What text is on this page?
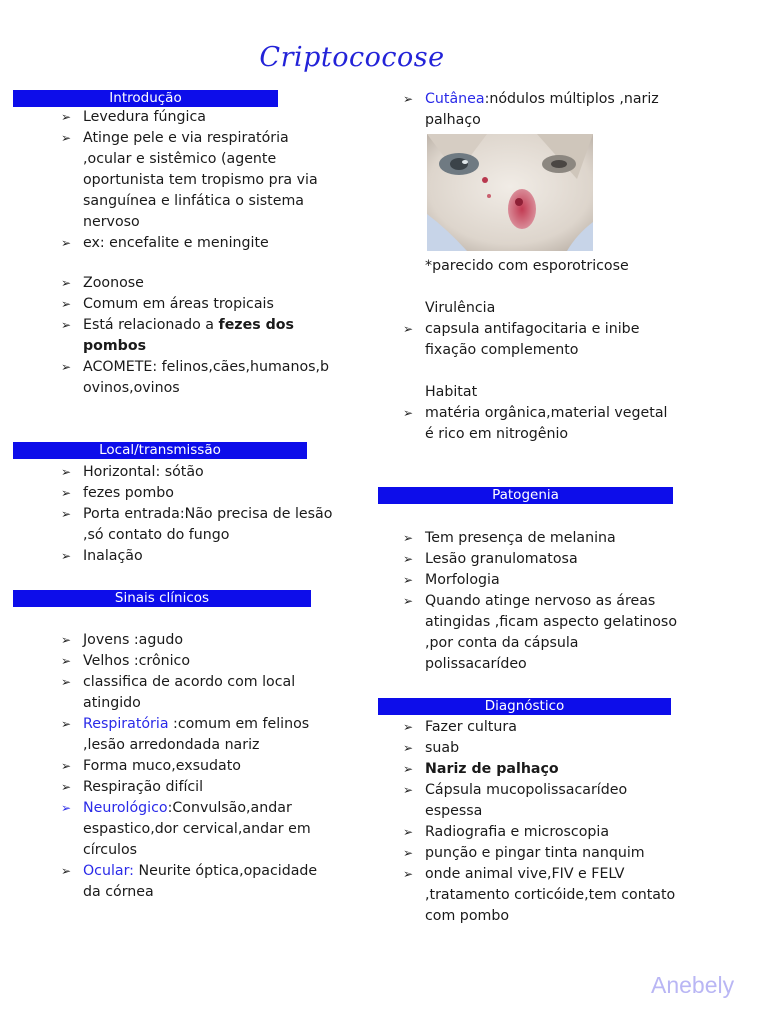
Criptococose
Introdução
➢ Levedura fúngica
➢ Atinge pele e via respiratória ,ocular e sistêmico (agente oportunista tem tropismo pra via sanguínea e linfática o sistema nervoso
➢ ex: encefalite e meningite
➢ Zoonose
➢ Comum em áreas tropicais
➢ Está relacionado a fezes dos pombos
➢ ACOMETE: felinos,cães,humanos,bovinos,ovinos
Local/transmissão
➢ Horizontal: sótão
➢ fezes pombo
➢ Porta entrada:Não precisa de lesão ,só contato do fungo
➢ Inalação
Sinais clínicos
➢ Jovens :agudo
➢ Velhos :crônico
➢ classifica de acordo com local atingido
➢ Respiratória :comum em felinos ,lesão arredondada nariz
➢ Forma muco,exsudato
➢ Respiração difícil
➢ Neurológico:Convulsão,andar espastico,dor cervical,andar em círculos
➢ Ocular: Neurite óptica,opacidade da córnea
➢ Cutânea:nódulos múltiplos ,nariz palhaço
*parecido com esporotricose
Virulência
➢ capsula antifagocitaria e inibe fixação complemento
Habitat
➢ matéria orgânica,material vegetal é rico em nitrogênio
Patogenia
➢ Tem presença de melanina
➢ Lesão granulomatosa
➢ Morfologia
➢ Quando atinge nervoso as áreas atingidas ,ficam aspecto gelatinoso ,por conta da cápsula polissacarídeo
Diagnóstico
➢ Fazer cultura
➢ suab
➢ Nariz de palhaço
➢ Cápsula mucopolissacarídeo espessa
➢ Radiografia e microscopia
➢ punção e pingar tinta nanquim
➢ onde animal vive,FIV e FELV ,tratamento corticóide,tem contato com pombo
Anebely
